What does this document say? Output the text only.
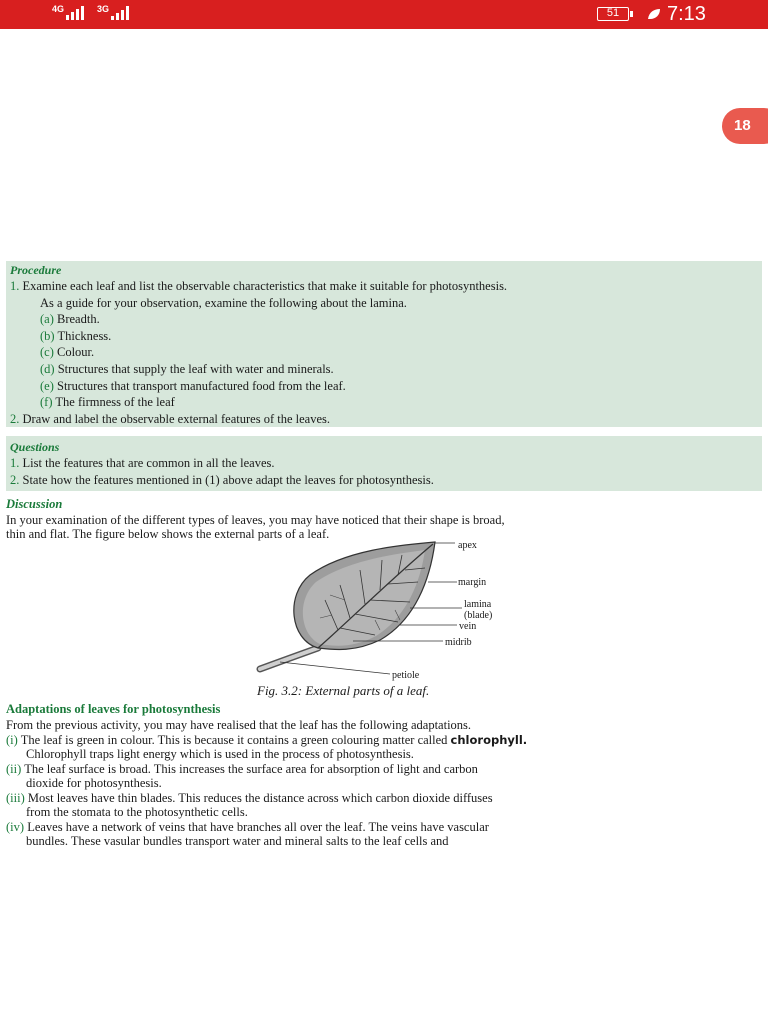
4G	3G	51	7:13
18
Procedure
1. Examine each leaf and list the observable characteristics that make it suitable for photosynthesis.
As a guide for your observation, examine the following about the lamina.
(a) Breadth.
(b) Thickness.
(c) Colour.
(d) Structures that supply the leaf with water and minerals.
(e) Structures that transport manufactured food from the leaf.
(f) The firmness of the leaf
2. Draw and label the observable external features of the leaves.
Questions
1. List the features that are common in all the leaves.
2. State how the features mentioned in (1) above adapt the leaves for photosynthesis.
Discussion
In your examination of the different types of leaves, you may have noticed that their shape is broad,
thin and flat. The figure below shows the external parts of a leaf.
apex
margin
lamina
(blade)
vein
midrib
petiole
Fig. 3.2: External parts of a leaf.
Adaptations of leaves for photosynthesis
From the previous activity, you may have realised that the leaf has the following adaptations.
(i) The leaf is green in colour. This is because it contains a green colouring matter called chlorophyll.
Chlorophyll traps light energy which is used in the process of photosynthesis.
(ii) The leaf surface is broad. This increases the surface area for absorption of light and carbon
dioxide for photosynthesis.
(iii) Most leaves have thin blades. This reduces the distance across which carbon dioxide diffuses
from the stomata to the photosynthetic cells.
(iv) Leaves have a network of veins that have branches all over the leaf. The veins have vascular
bundles. These vasular bundles transport water and mineral salts to the leaf cells and
